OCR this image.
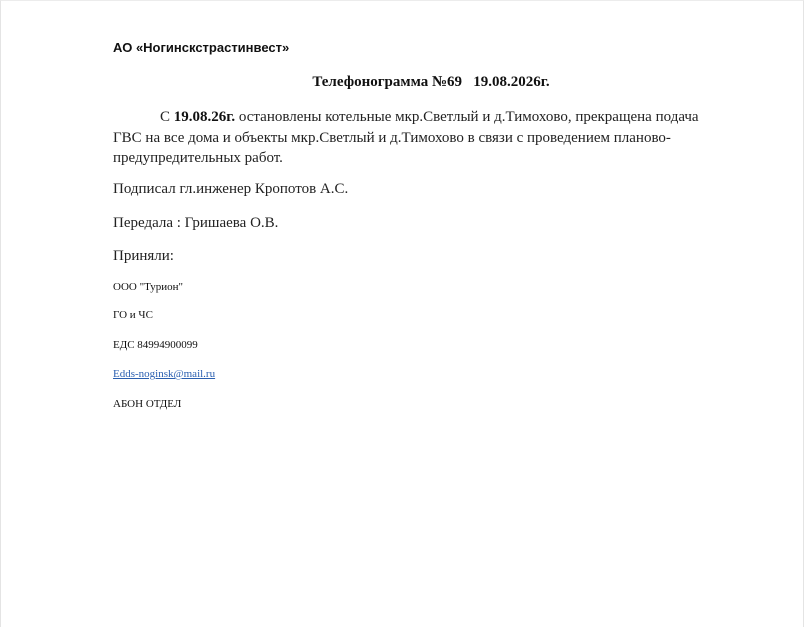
АО «Ногинскстрастинвест»

Телефонограмма №69   19.08.2026г.

С 19.08.26г. остановлены котельные мкр.Светлый и д.Тимохово, прекращена подача ГВС на все дома и объекты мкр.Светлый и д.Тимохово в связи с проведением планово-предупредительных работ.

Подписал гл.инженер Кропотов А.С.

Передала : Гришаева О.В.

Приняли:

ООО "Турион"

ГО и ЧС

ЕДС 84994900099

Edds-noginsk@mail.ru

АБОН ОТДЕЛ
